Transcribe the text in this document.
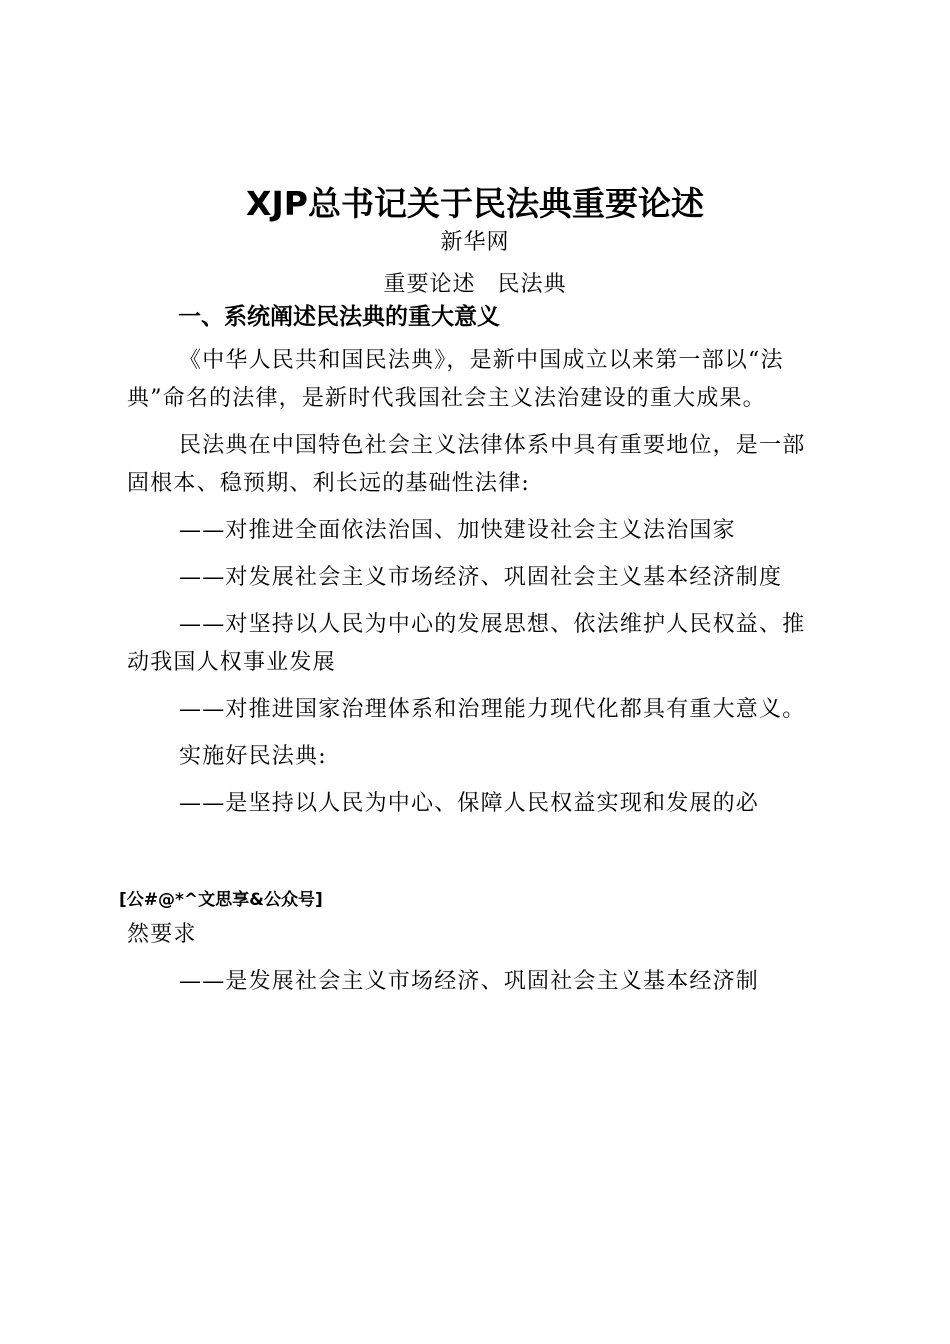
XJP总书记关于民法典重要论述

新华网

重要论述 民法典

一、系统阐述民法典的重大意义

《中华人民共和国民法典》，是新中国成立以来第一部以“法典”命名的法律，是新时代我国社会主义法治建设的重大成果。

民法典在中国特色社会主义法律体系中具有重要地位，是一部固根本、稳预期、利长远的基础性法律:

——对推进全面依法治国、加快建设社会主义法治国家

——对发展社会主义市场经济、巩固社会主义基本经济制度

——对坚持以人民为中心的发展思想、依法维护人民权益、推动我国人权事业发展

——对推进国家治理体系和治理能力现代化都具有重大意义。

实施好民法典:

——是坚持以人民为中心、保障人民权益实现和发展的必

[公#@*^文思享&公众号]

然要求

——是发展社会主义市场经济、巩固社会主义基本经济制
